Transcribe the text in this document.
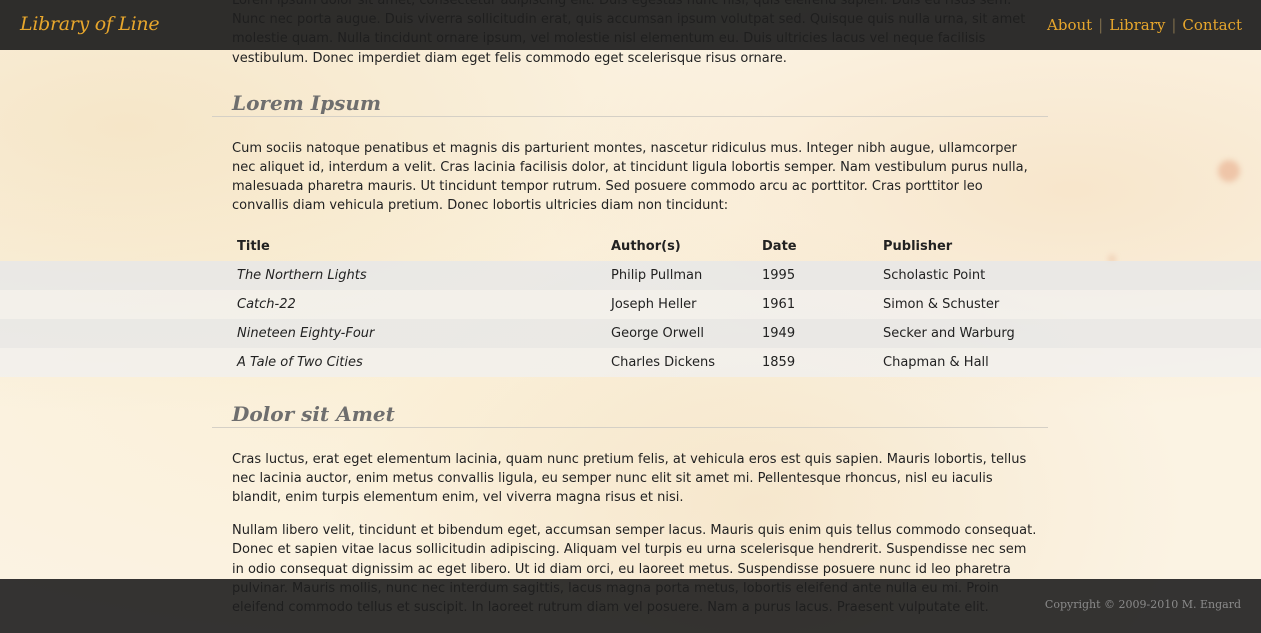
vestibulum. Donec imperdiet diam eget felis commodo eget scelerisque risus ornare.

Lorem Ipsum

Cum sociis natoque penatibus et magnis dis parturient montes, nascetur ridiculus mus. Integer nibh augue, ullamcorper nec aliquet id, interdum a velit. Cras lacinia facilisis dolor, at tincidunt ligula lobortis semper. Nam vestibulum purus nulla, malesuada pharetra mauris. Ut tincidunt tempor rutrum. Sed posuere commodo arcu ac porttitor. Cras porttitor leo convallis diam vehicula pretium. Donec lobortis ultricies diam non tincidunt:

	Title	Author(s)	Date	Publisher
	The Northern Lights	Philip Pullman	1995	Scholastic Point
	Catch-22	Joseph Heller	1961	Simon & Schuster
	Nineteen Eighty-Four	George Orwell	1949	Secker and Warburg
	A Tale of Two Cities	Charles Dickens	1859	Chapman & Hall
Dolor sit Amet

Cras luctus, erat eget elementum lacinia, quam nunc pretium felis, at vehicula eros est quis sapien. Mauris lobortis, tellus nec lacinia auctor, enim metus convallis ligula, eu semper nunc elit sit amet mi. Pellentesque rhoncus, nisl eu iaculis blandit, enim turpis elementum enim, vel viverra magna risus et nisi.

Nullam libero velit, tincidunt et bibendum eget, accumsan semper lacus. Mauris quis enim quis tellus commodo consequat. Donec et sapien vitae lacus sollicitudin adipiscing. Aliquam vel turpis eu urna scelerisque hendrerit. Suspendisse nec sem in odio consequat dignissim ac eget libero. Ut id diam orci, eu laoreet metus. Suspendisse posuere nunc id leo pharetra

Library of Line	About | Library | Contact
Copyright © 2009-2010 M. Engard
